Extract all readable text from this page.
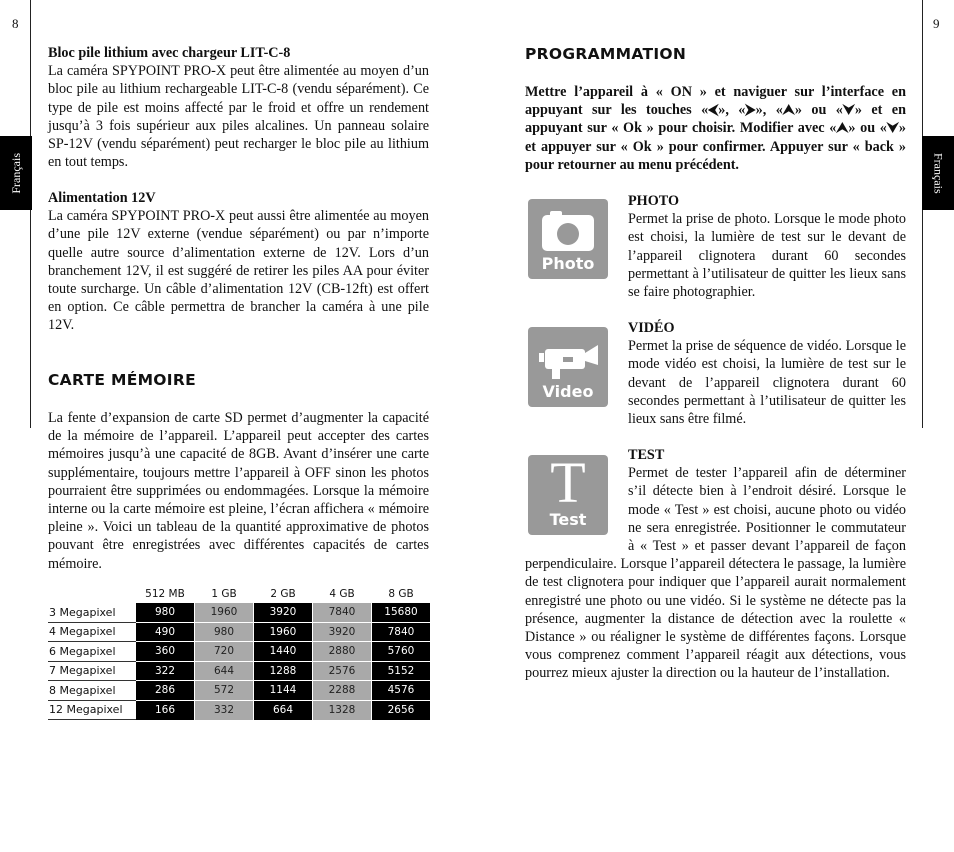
8
Français
Bloc pile lithium avec chargeur LIT-C-8

La caméra SPYPOINT PRO-X peut être alimentée au moyen d’un bloc pile au lithium rechargeable LIT-C-8 (vendu séparément). Ce type de pile est moins affecté par le froid et offre un rendement jusqu’à 3 fois supérieur aux piles alcalines. Un panneau solaire SP-12V (vendu séparément) peut recharger le bloc pile au lithium en tout temps.

Alimentation 12V

La caméra SPYPOINT PRO-X peut aussi être alimentée au moyen d’une pile 12V externe (vendue séparément) ou par n’importe quelle autre source d’alimentation externe de 12V. Lors d’un branchement 12V, il est suggéré de retirer les piles AA pour éviter toute surcharge. Un câble d’alimentation 12V (CB-12ft) est offert en option. Ce câble permettra de brancher la caméra à une pile 12V.

CARTE MÉMOIRE

La fente d’expansion de carte SD permet d’augmenter la capacité de la mémoire de l’appareil. L’appareil peut accepter des cartes mémoires jusqu’à une capacité de 8GB. Avant d’insérer une carte supplémentaire, toujours mettre l’appareil à OFF sinon les photos pourraient être supprimées ou endommagées. Lorsque la mémoire interne ou la carte mémoire est pleine, l’écran affichera « mémoire pleine ». Voici un tableau de la quantité approximative de photos pouvant être enregistrées avec différentes capacités de cartes mémoire.

	512 MB	1 GB	2 GB	4 GB	8 GB
3 Megapixel	980	1960	3920	7840	15680
4 Megapixel	490	980	1960	3920	7840
6 Megapixel	360	720	1440	2880	5760
7 Megapixel	322	644	1288	2576	5152
8 Megapixel	286	572	1144	2288	4576
12 Megapixel	166	332	664	1328	2656
9
Français
PROGRAMMATION

Mettre l’appareil à « ON » et naviguer sur l’interface en appuyant sur les touches «⮜», «⮞», «⮝» ou «⮟» et en appuyant sur « Ok » pour choisir. Modifier avec «⮝» ou «⮟» et appuyer sur « Ok » pour confirmer. Appuyer sur « back » pour retourner au menu précédent.

Photo
PHOTO

Permet la prise de photo. Lorsque le mode photo est choisi, la lumière de test sur le devant de l’appareil clignotera durant 60 secondes permettant à l’utilisateur de quitter les lieux sans se faire photographier.

Video
VIDÉO

Permet la prise de séquence de vidéo. Lorsque le mode vidéo est choisi, la lumière de test sur le devant de l’appareil clignotera durant 60 secondes permettant à l’utilisateur de quitter les lieux sans être filmé.

T
Test
TEST

Permet de tester l’appareil afin de déterminer s’il détecte bien à l’endroit désiré. Lorsque le mode « Test » est choisi, aucune photo ou vidéo ne sera enregistrée. Positionner le commutateur à « Test » et passer devant l’appareil de façon perpendiculaire. Lorsque l’appareil détectera le passage, la lumière de test clignotera pour indiquer que l’appareil aurait normalement enregistré une photo ou une vidéo. Si le système ne détecte pas la présence, augmenter la distance de détection avec la roulette « Distance » ou réaligner le système de différentes façons. Lorsque vous comprenez comment l’appareil réagit aux détections, vous pourrez mieux ajuster la direction ou la hauteur de l’installation.
